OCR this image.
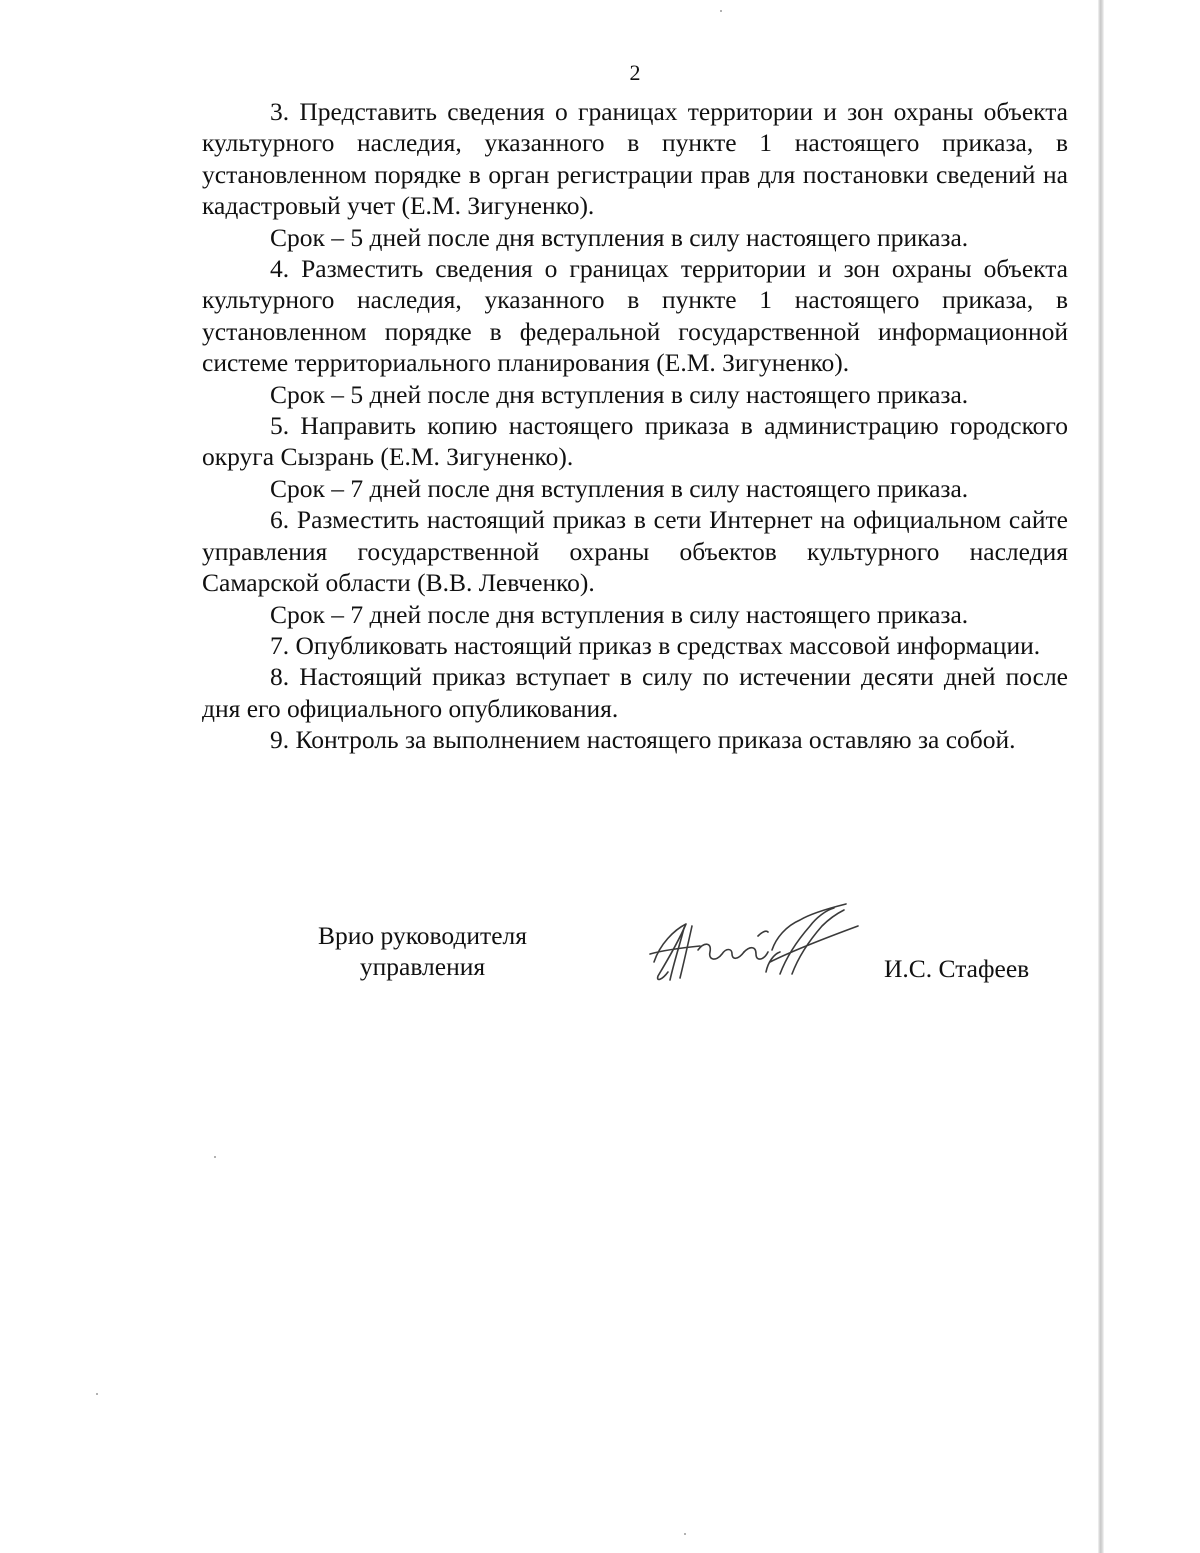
2

3. Представить сведения о границах территории и зон охраны объекта культурного наследия, указанного в пункте 1 настоящего приказа, в установленном порядке в орган регистрации прав для постановки сведений на кадастровый учет (Е.М. Зигуненко).

Срок – 5 дней после дня вступления в силу настоящего приказа.

4. Разместить сведения о границах территории и зон охраны объекта культурного наследия, указанного в пункте 1 настоящего приказа, в установленном порядке в федеральной государственной информационной системе территориального планирования (Е.М. Зигуненко).

Срок – 5 дней после дня вступления в силу настоящего приказа.

5. Направить копию настоящего приказа в администрацию городского округа Сызрань (Е.М. Зигуненко).

Срок – 7 дней после дня вступления в силу настоящего приказа.

6. Разместить настоящий приказ в сети Интернет на официальном сайте управления государственной охраны объектов культурного наследия Самарской области (В.В. Левченко).

Срок – 7 дней после дня вступления в силу настоящего приказа.

7. Опубликовать настоящий приказ в средствах массовой информации.

8. Настоящий приказ вступает в силу по истечении десяти дней после дня его официального опубликования.

9. Контроль за выполнением настоящего приказа оставляю за собой.

Врио руководителя
управления	И.С. Стафеев
